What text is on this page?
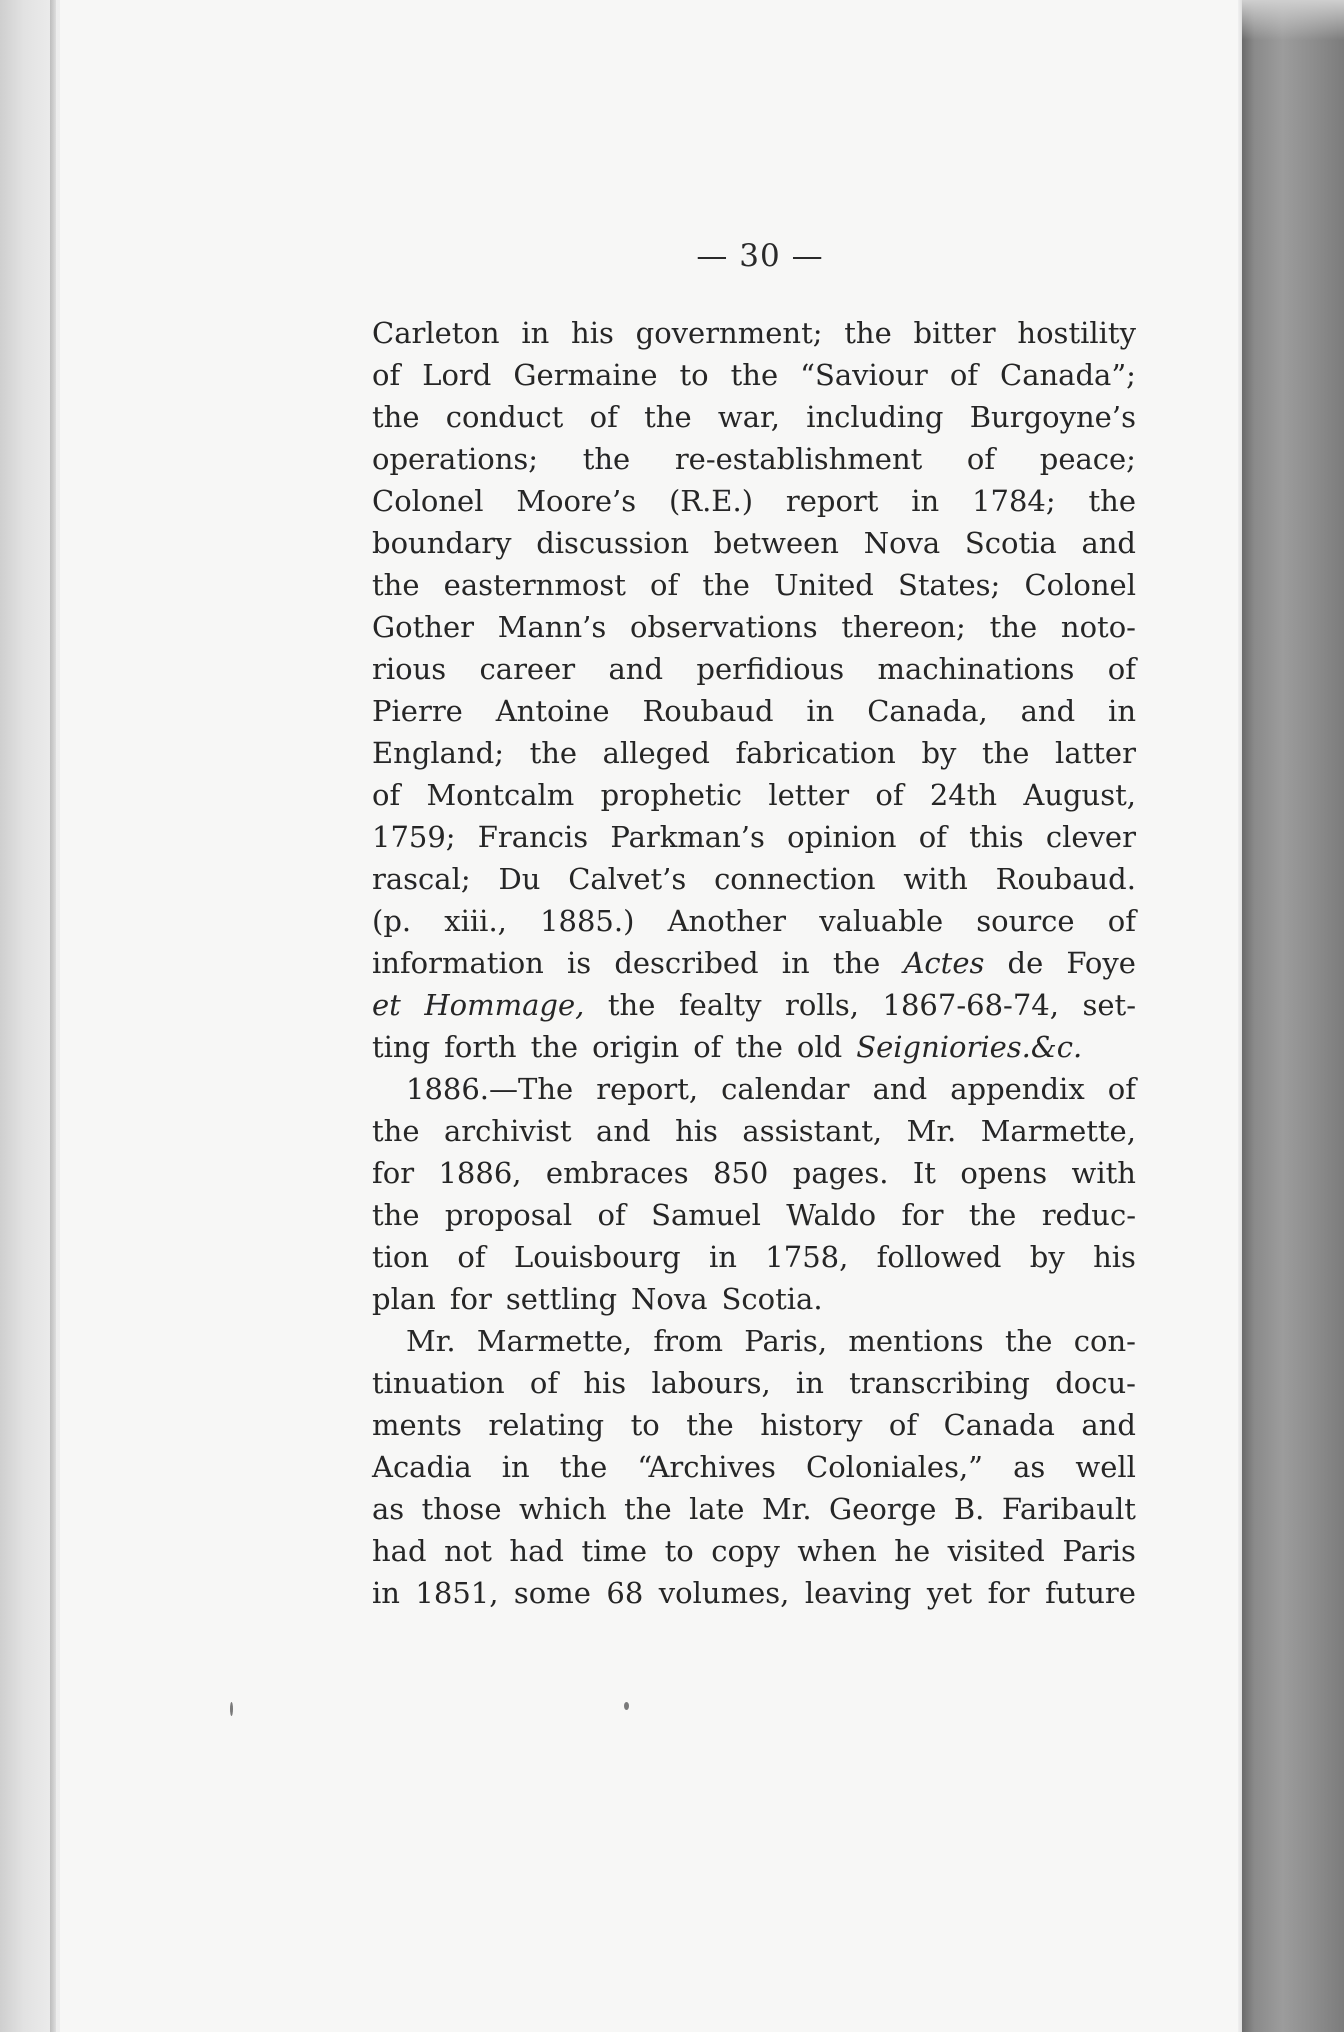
— 30 —
Carleton in his government; the bitter hostility
of Lord Germaine to the “Saviour of Canada”;
the conduct of the war, including Burgoyne’s
operations; the re-establishment of peace;
Colonel Moore’s (R.E.) report in 1784; the
boundary discussion between Nova Scotia and
the easternmost of the United States; Colonel
Gother Mann’s observations thereon; the noto-
rious career and perfidious machinations of
Pierre Antoine Roubaud in Canada, and in
England; the alleged fabrication by the latter
of Montcalm prophetic letter of 24th August,
1759; Francis Parkman’s opinion of this clever
rascal; Du Calvet’s connection with Roubaud.
(p. xiii., 1885.) Another valuable source of
information is described in the Actes de Foye
et Hommage, the fealty rolls, 1867-68-74, set-
ting forth the origin of the old Seigniories. &c.
1886.—The report, calendar and appendix of
the archivist and his assistant, Mr. Marmette,
for 1886, embraces 850 pages. It opens with
the proposal of Samuel Waldo for the reduc-
tion of Louisbourg in 1758, followed by his
plan for settling Nova Scotia.
Mr. Marmette, from Paris, mentions the con-
tinuation of his labours, in transcribing docu-
ments relating to the history of Canada and
Acadia in the “Archives Coloniales,” as well
as those which the late Mr. George B. Faribault
had not had time to copy when he visited Paris
in 1851, some 68 volumes, leaving yet for future
